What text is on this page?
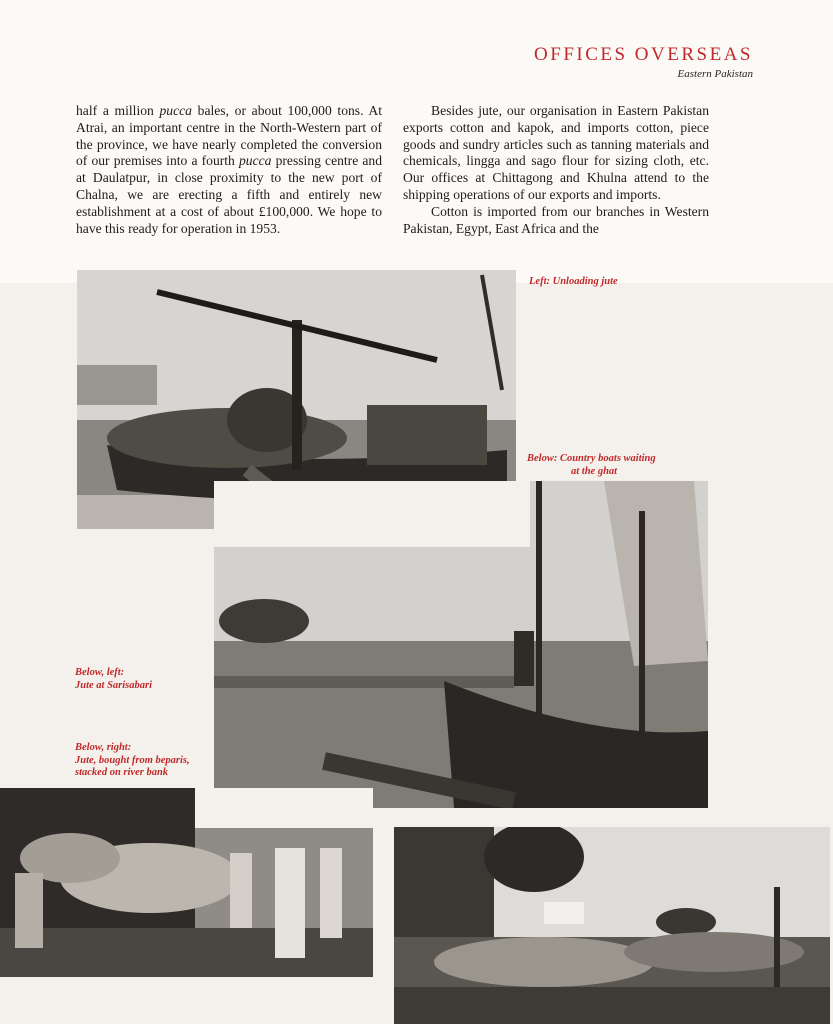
OFFICES OVERSEAS
Eastern Pakistan

half a million pucca bales, or about 100,000 tons. At Atrai, an important centre in the North-Western part of the province, we have nearly completed the conversion of our premises into a fourth pucca pressing centre and at Daulatpur, in close proximity to the new port of Chalna, we are erecting a fifth and entirely new establishment at a cost of about £100,000. We hope to have this ready for operation in 1953.

Besides jute, our organisation in Eastern Pakistan exports cotton and kapok, and imports cotton, piece goods and sundry articles such as tanning materials and chemicals, lingga and sago flour for sizing cloth, etc. Our offices at Chittagong and Khulna attend to the shipping operations of our exports and imports.

Cotton is imported from our branches in Western Pakistan, Egypt, East Africa and the

Left: Unloading jute
Below: Country boats waiting
at the ghat
Below, left:
Jute at Sarisabari
Below, right:
Jute, bought from beparis,
stacked on river bank
